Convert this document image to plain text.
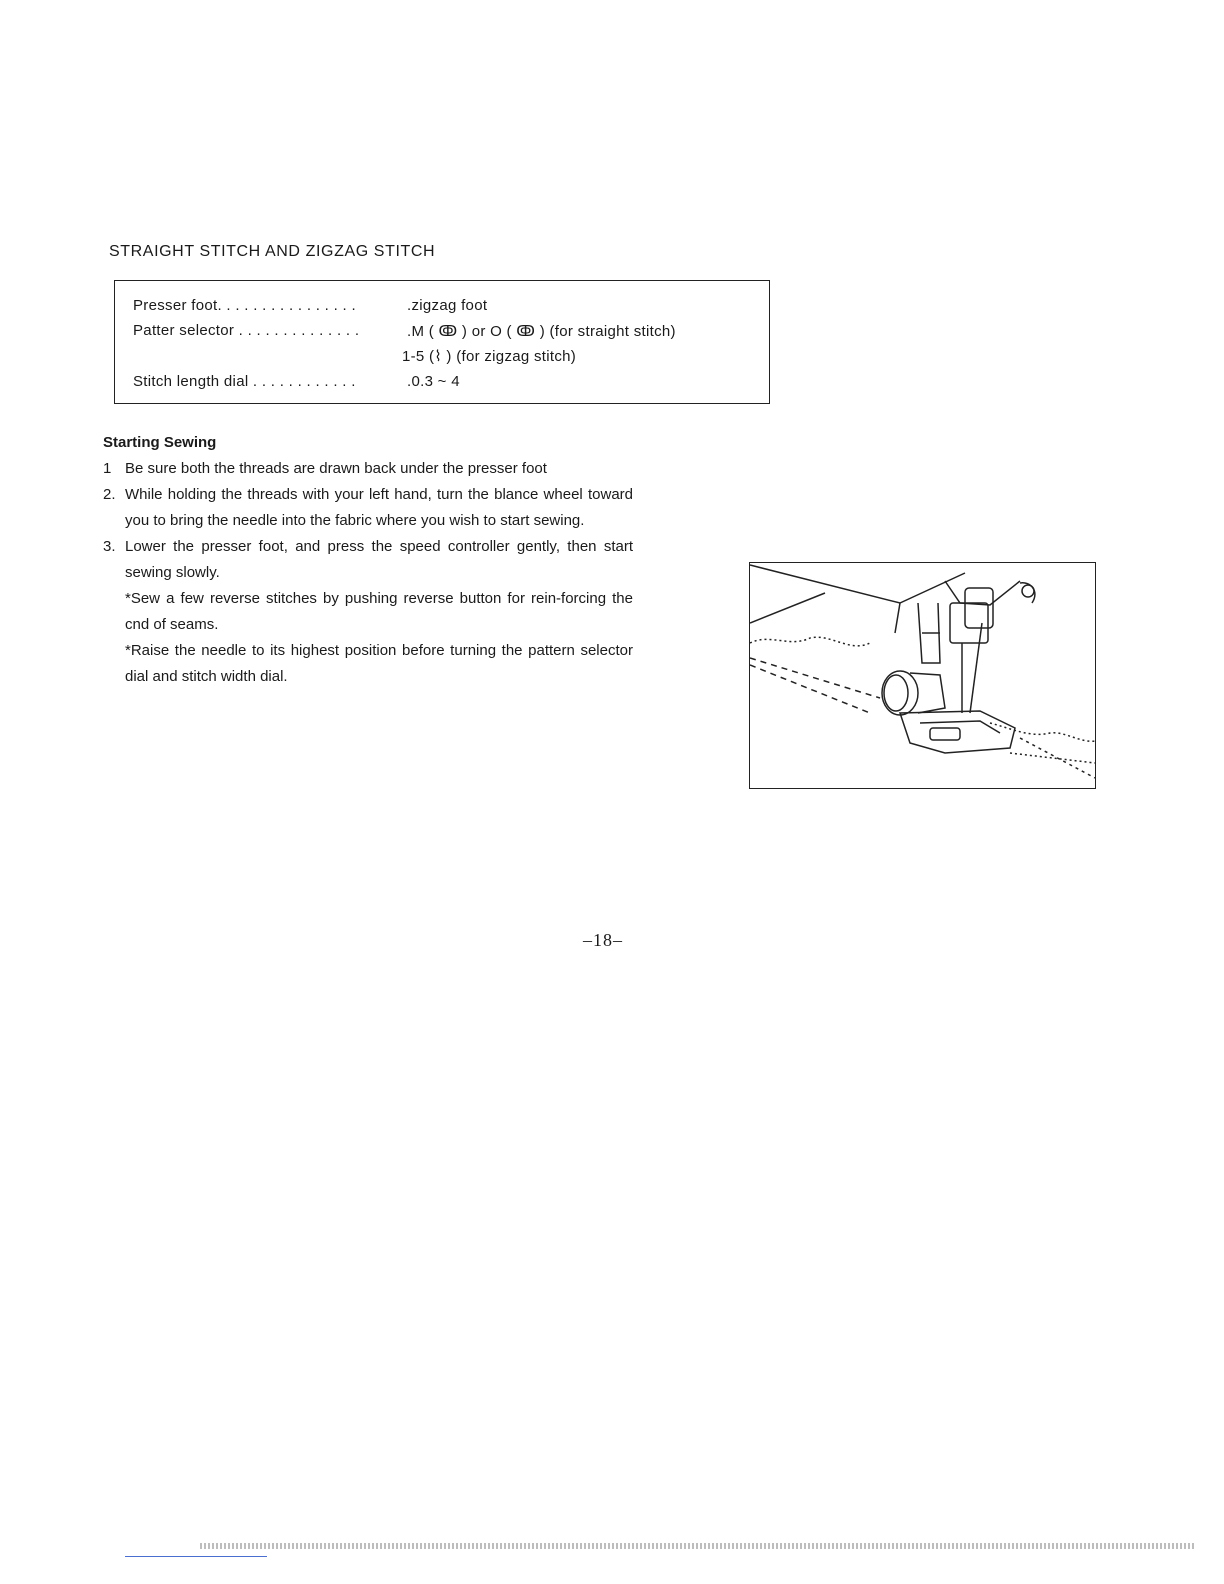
STRAIGHT STITCH AND ZIGZAG STITCH
Presser foot. . . . . . . . . . . . . . . .	.zigzag foot
Patter selector . . . . . . . . . . . . . .	.M ( ↂ ) or O ( ↂ ) (for straight stitch)
1-5 (⌇ ) (for zigzag stitch)
Stitch length dial . . . . . . . . . . . .	.0.3 ~ 4
Starting Sewing
1 Be sure both the threads are drawn back under the presser foot
2. While holding the threads with your left hand, turn the blance wheel toward you to bring the needle into the fabric where you wish to start sewing.
3. Lower the presser foot, and press the speed controller gently, then start sewing slowly.
*Sew a few reverse stitches by pushing reverse button for rein-forcing the cnd of seams.
*Raise the needle to its highest position before turning the pattern selector dial and stitch width dial.
–18–
